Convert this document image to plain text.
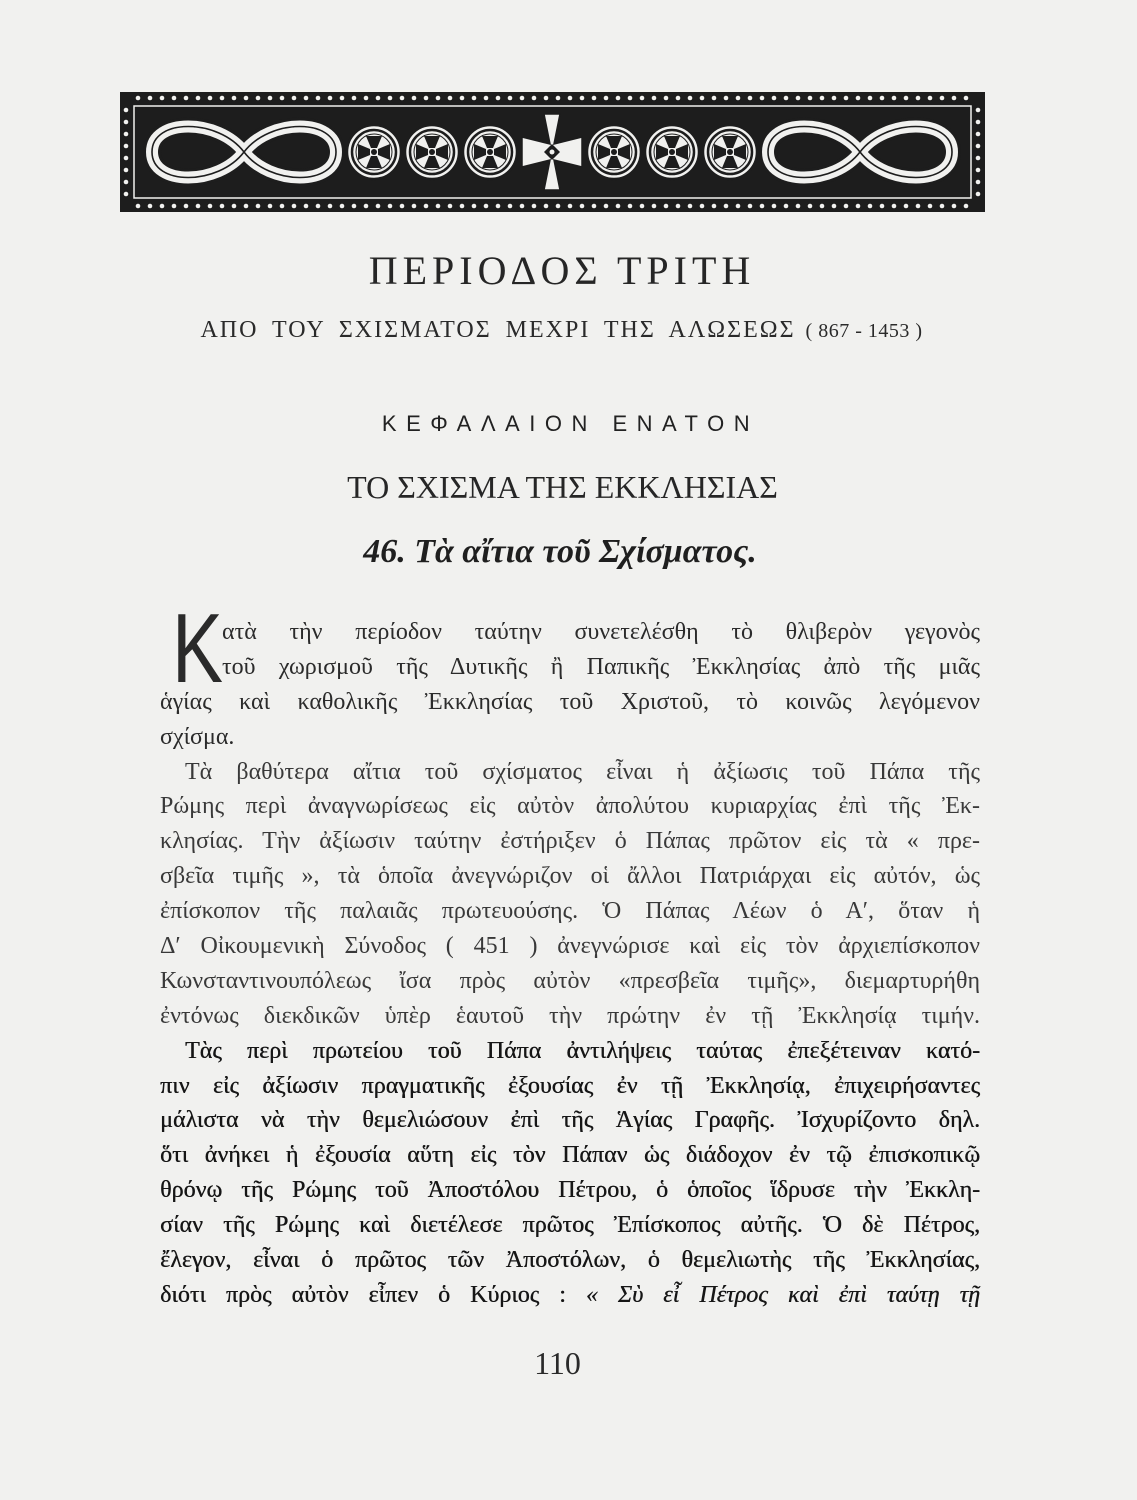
ΠΕΡΙΟΔΟΣ ΤΡΙΤΗ
ΑΠΟ ΤΟΥ ΣΧΙΣΜΑΤΟΣ ΜΕΧΡΙ ΤΗΣ ΑΛΩΣΕΩΣ ( 867 - 1453 )
ΚΕΦΑΛΑΙΟΝ ΕΝΑΤΟΝ
ΤΟ ΣΧΙΣΜΑ ΤΗΣ ΕΚΚΛΗΣΙΑΣ
46. Τὰ αἴτια τοῦ Σχίσματος.
Κ ατὰ τὴν περίοδον ταύτην συνετελέσθη τὸ θλιβερὸν γεγονὸς
τοῦ χωρισμοῦ τῆς Δυτικῆς ἢ Παπικῆς Ἐκκλησίας ἀπὸ τῆς μιᾶς
ἁγίας καὶ καθολικῆς Ἐκκλησίας τοῦ Χριστοῦ, τὸ κοινῶς λεγόμενον
σχίσμα.
Τὰ βαθύτερα αἴτια τοῦ σχίσματος εἶναι ἡ ἀξίωσις τοῦ Πάπα τῆς
Ρώμης περὶ ἀναγνωρίσεως εἰς αὐτὸν ἀπολύτου κυριαρχίας ἐπὶ τῆς Ἐκ-
κλησίας. Τὴν ἀξίωσιν ταύτην ἐστήριξεν ὁ Πάπας πρῶτον εἰς τὰ « πρε-
σβεῖα τιμῆς », τὰ ὁποῖα ἀνεγνώριζον οἱ ἄλλοι Πατριάρχαι εἰς αὐτόν, ὡς
ἐπίσκοπον τῆς παλαιᾶς πρωτευούσης. Ὁ Πάπας Λέων ὁ Α′, ὅταν ἡ
Δ′ Οἰκουμενικὴ Σύνοδος ( 451 ) ἀνεγνώρισε καὶ εἰς τὸν ἀρχιεπίσκοπον
Κωνσταντινουπόλεως ἴσα πρὸς αὐτὸν «πρεσβεῖα τιμῆς», διεμαρτυρήθη
ἐντόνως διεκδικῶν ὑπὲρ ἑαυτοῦ τὴν πρώτην ἐν τῇ Ἐκκλησίᾳ τιμήν.
Τὰς περὶ πρωτείου τοῦ Πάπα ἀντιλήψεις ταύτας ἐπεξέτειναν κατό-
πιν εἰς ἀξίωσιν πραγματικῆς ἐξουσίας ἐν τῇ Ἐκκλησίᾳ, ἐπιχειρήσαντες
μάλιστα νὰ τὴν θεμελιώσουν ἐπὶ τῆς Ἁγίας Γραφῆς. Ἰσχυρίζοντο δηλ.
ὅτι ἀνήκει ἡ ἐξουσία αὕτη εἰς τὸν Πάπαν ὡς διάδοχον ἐν τῷ ἐπισκοπικῷ
θρόνῳ τῆς Ρώμης τοῦ Ἀποστόλου Πέτρου, ὁ ὁποῖος ἵδρυσε τὴν Ἐκκλη-
σίαν τῆς Ρώμης καὶ διετέλεσε πρῶτος Ἐπίσκοπος αὐτῆς. Ὁ δὲ Πέτρος,
ἔλεγον, εἶναι ὁ πρῶτος τῶν Ἀποστόλων, ὁ θεμελιωτὴς τῆς Ἐκκλησίας,
διότι πρὸς αὐτὸν εἶπεν ὁ Κύριος : « Σὺ εἶ Πέτρος καὶ ἐπὶ ταύτῃ τῇ
110
